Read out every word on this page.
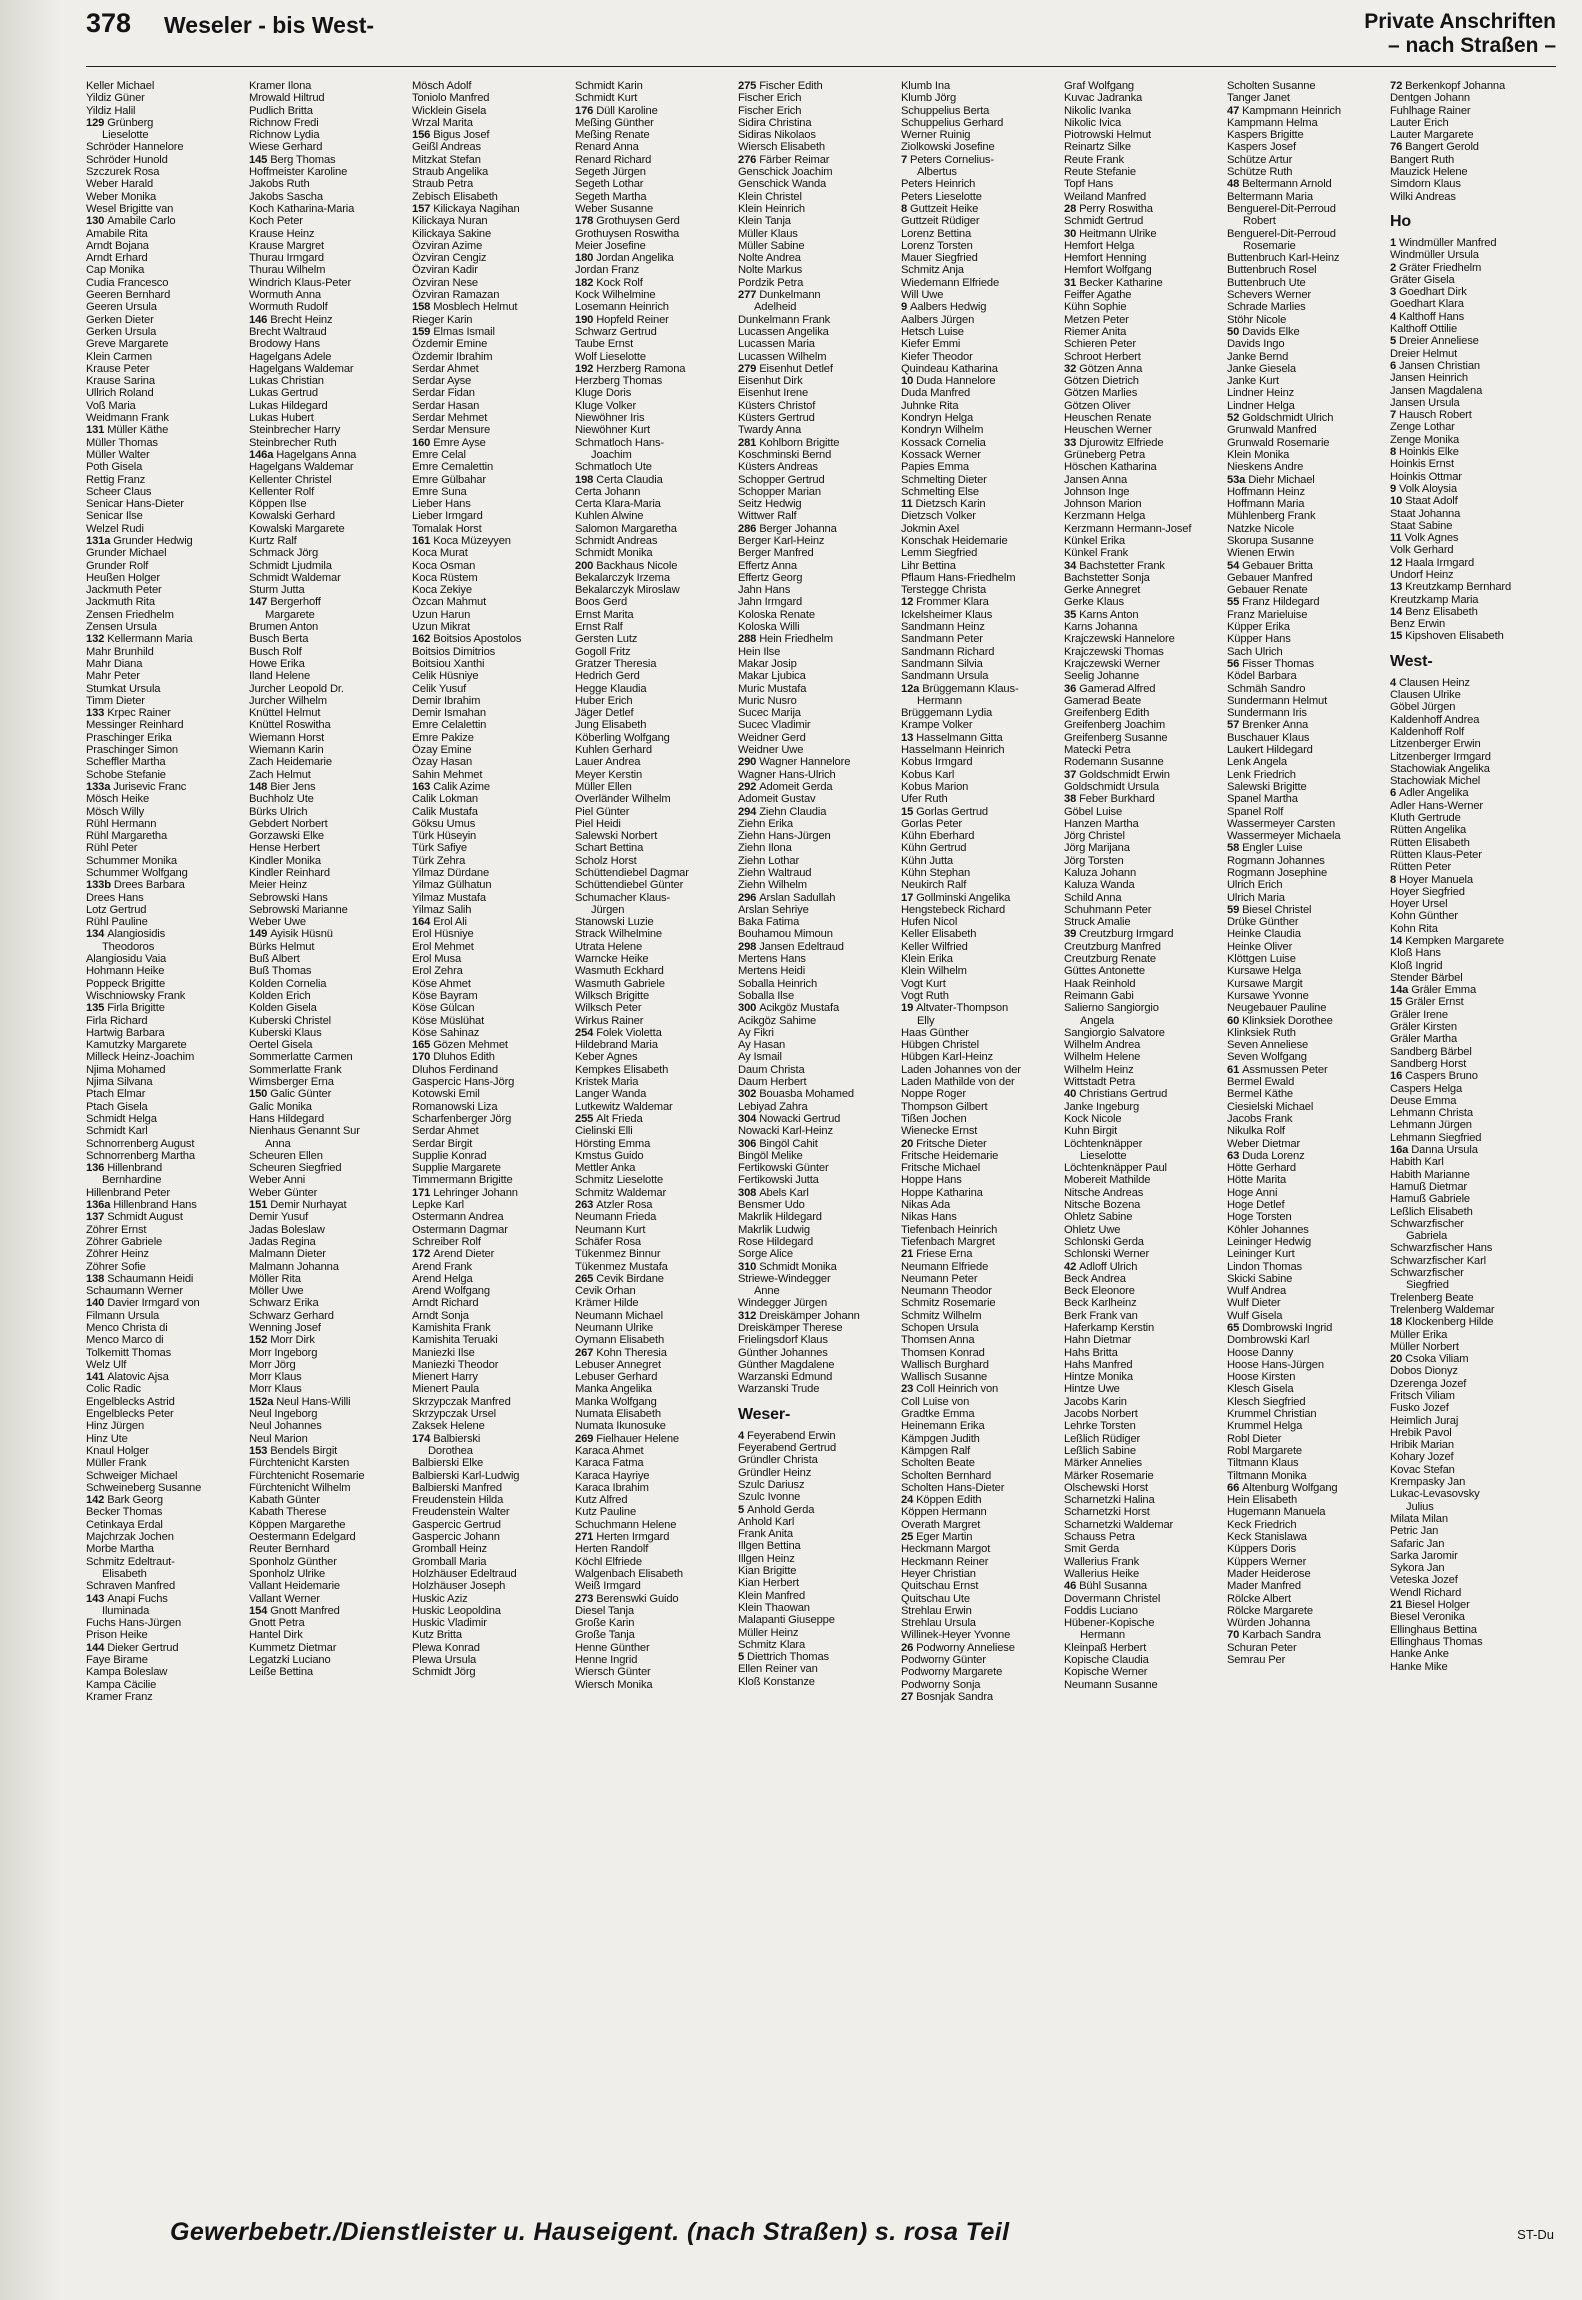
378 Weseler - bis West-	Private Anschriften
– nach Straßen –
Keller Michael
Yildiz Güner
Yildiz Halil
129 Grünberg
Lieselotte
Schröder Hannelore
Schröder Hunold
Szczurek Rosa
Weber Harald
Weber Monika
Wesel Brigitte van
130 Amabile Carlo
Amabile Rita
Arndt Bojana
Arndt Erhard
Cap Monika
Cudia Francesco
Geeren Bernhard
Geeren Ursula
Gerken Dieter
Gerken Ursula
Greve Margarete
Klein Carmen
Krause Peter
Krause Sarina
Ullrich Roland
Voß Maria
Weidmann Frank
131 Müller Käthe
Müller Thomas
Müller Walter
Poth Gisela
Rettig Franz
Scheer Claus
Senicar Hans-Dieter
Senicar Ilse
Welzel Rudi
131a Grunder Hedwig
Grunder Michael
Grunder Rolf
Heußen Holger
Jackmuth Peter
Jackmuth Rita
Zensen Friedhelm
Zensen Ursula
132 Kellermann Maria
Mahr Brunhild
Mahr Diana
Mahr Peter
Stumkat Ursula
Timm Dieter
133 Krpec Rainer
Messinger Reinhard
Praschinger Erika
Praschinger Simon
Scheffler Martha
Schobe Stefanie
133a Jurisevic Franc
Mösch Heike
Mösch Willy
Rühl Hermann
Rühl Margaretha
Rühl Peter
Schummer Monika
Schummer Wolfgang
133b Drees Barbara
Drees Hans
Lotz Gertrud
Rühl Pauline
134 Alangiosidis
Theodoros
Alangiosidu Vaia
Hohmann Heike
Poppeck Brigitte
Wischniowsky Frank
135 Firla Brigitte
Firla Richard
Hartwig Barbara
Kamutzky Margarete
Milleck Heinz-Joachim
Njima Mohamed
Njima Silvana
Ptach Elmar
Ptach Gisela
Schmidt Helga
Schmidt Karl
Schnorrenberg August
Schnorrenberg Martha
136 Hillenbrand
Bernhardine
Hillenbrand Peter
136a Hillenbrand Hans
137 Schmidt August
Zöhrer Ernst
Zöhrer Gabriele
Zöhrer Heinz
Zöhrer Sofie
138 Schaumann Heidi
Schaumann Werner
140 Davier Irmgard von
Filmann Ursula
Menco Christa di
Menco Marco di
Tolkemitt Thomas
Welz Ulf
141 Alatovic Ajsa
Colic Radic
Engelblecks Astrid
Engelblecks Peter
Hinz Jürgen
Hinz Ute
Knaul Holger
Müller Frank
Schweiger Michael
Schweineberg Susanne
142 Bark Georg
Becker Thomas
Cetinkaya Erdal
Majchrzak Jochen
Morbe Martha
Schmitz Edeltraut-
Elisabeth
Schraven Manfred
143 Anapi Fuchs
Iluminada
Fuchs Hans-Jürgen
Prison Heike
144 Dieker Gertrud
Faye Birame
Kampa Boleslaw
Kampa Cäcilie
Kramer Franz
Kramer Ilona
Mrowald Hiltrud
Pudlich Britta
Richnow Fredi
Richnow Lydia
Wiese Gerhard
145 Berg Thomas
Hoffmeister Karoline
Jakobs Ruth
Jakobs Sascha
Koch Katharina-Maria
Koch Peter
Krause Heinz
Krause Margret
Thurau Irmgard
Thurau Wilhelm
Windrich Klaus-Peter
Wormuth Anna
Wormuth Rudolf
146 Brecht Heinz
Brecht Waltraud
Brodowy Hans
Hagelgans Adele
Hagelgans Waldemar
Lukas Christian
Lukas Gertrud
Lukas Hildegard
Lukas Hubert
Steinbrecher Harry
Steinbrecher Ruth
146a Hagelgans Anna
Hagelgans Waldemar
Kellenter Christel
Kellenter Rolf
Köppen Ilse
Kowalski Gerhard
Kowalski Margarete
Kurtz Ralf
Schmack Jörg
Schmidt Ljudmila
Schmidt Waldemar
Sturm Jutta
147 Bergerhoff
Margarete
Brumen Anton
Busch Berta
Busch Rolf
Howe Erika
Iland Helene
Jurcher Leopold Dr.
Jurcher Wilhelm
Knüttel Helmut
Knüttel Roswitha
Wiemann Horst
Wiemann Karin
Zach Heidemarie
Zach Helmut
148 Bier Jens
Buchholz Ute
Bürks Ulrich
Gebdert Norbert
Gorzawski Elke
Hense Herbert
Kindler Monika
Kindler Reinhard
Meier Heinz
Sebrowski Hans
Sebrowski Marianne
Weber Uwe
149 Ayisik Hüsnü
Bürks Helmut
Buß Albert
Buß Thomas
Kolden Cornelia
Kolden Erich
Kolden Gisela
Kuberski Christel
Kuberski Klaus
Oertel Gisela
Sommerlatte Carmen
Sommerlatte Frank
Wimsberger Erna
150 Galic Günter
Galic Monika
Hans Hildegard
Nienhaus Genannt Sur
Anna
Scheuren Ellen
Scheuren Siegfried
Weber Anni
Weber Günter
151 Demir Nurhayat
Demir Yusuf
Jadas Boleslaw
Jadas Regina
Malmann Dieter
Malmann Johanna
Möller Rita
Möller Uwe
Schwarz Erika
Schwarz Gerhard
Wenning Josef
152 Morr Dirk
Morr Ingeborg
Morr Jörg
Morr Klaus
Morr Klaus
152a Neul Hans-Willi
Neul Ingeborg
Neul Johannes
Neul Marion
153 Bendels Birgit
Fürchtenicht Karsten
Fürchtenicht Rosemarie
Fürchtenicht Wilhelm
Kabath Günter
Kabath Therese
Köppen Margarethe
Oestermann Edelgard
Reuter Bernhard
Sponholz Günther
Sponholz Ulrike
Vallant Heidemarie
Vallant Werner
154 Gnott Manfred
Gnott Petra
Hantel Dirk
Kummetz Dietmar
Legatzki Luciano
Leiße Bettina
Mösch Adolf
Toniolo Manfred
Wicklein Gisela
Wrzal Marita
156 Bigus Josef
Geißl Andreas
Mitzkat Stefan
Straub Angelika
Straub Petra
Zebisch Elisabeth
157 Kilickaya Nagihan
Kilickaya Nuran
Kilickaya Sakine
Özviran Azime
Özviran Cengiz
Özviran Kadir
Özviran Nese
Özviran Ramazan
158 Mosblech Helmut
Rieger Karin
159 Elmas Ismail
Özdemir Emine
Özdemir Ibrahim
Serdar Ahmet
Serdar Ayse
Serdar Fidan
Serdar Hasan
Serdar Mehmet
Serdar Mensure
160 Emre Ayse
Emre Celal
Emre Cemalettin
Emre Gülbahar
Emre Suna
Lieber Hans
Lieber Irmgard
Tomalak Horst
161 Koca Müzeyyen
Koca Murat
Koca Osman
Koca Rüstem
Koca Zekiye
Özcan Mahmut
Uzun Harun
Uzun Mikrat
162 Boitsios Apostolos
Boitsios Dimitrios
Boitsiou Xanthi
Celik Hüsniye
Celik Yusuf
Demir Ibrahim
Demir Ismahan
Emre Celalettin
Emre Pakize
Özay Emine
Özay Hasan
Sahin Mehmet
163 Calik Azime
Calik Lokman
Calik Mustafa
Göksu Umus
Türk Hüseyin
Türk Safiye
Türk Zehra
Yilmaz Dürdane
Yilmaz Gülhatun
Yilmaz Mustafa
Yilmaz Salih
164 Erol Ali
Erol Hüsniye
Erol Mehmet
Erol Musa
Erol Zehra
Köse Ahmet
Köse Bayram
Köse Gülcan
Köse Müslühat
Köse Sahinaz
165 Gözen Mehmet
170 Dluhos Edith
Dluhos Ferdinand
Gaspercic Hans-Jörg
Kotowski Emil
Romanowski Liza
Scharfenberger Jörg
Serdar Ahmet
Serdar Birgit
Supplie Konrad
Supplie Margarete
Timmermann Brigitte
171 Lehringer Johann
Lepke Karl
Ostermann Andrea
Ostermann Dagmar
Schreiber Rolf
172 Arend Dieter
Arend Frank
Arend Helga
Arend Wolfgang
Arndt Richard
Arndt Sonja
Kamishita Frank
Kamishita Teruaki
Maniezki Ilse
Maniezki Theodor
Mienert Harry
Mienert Paula
Skrzypczak Manfred
Skrzypczak Ursel
Zaksek Helene
174 Balbierski
Dorothea
Balbierski Elke
Balbierski Karl-Ludwig
Balbierski Manfred
Freudenstein Hilda
Freudenstein Walter
Gaspercic Gertrud
Gaspercic Johann
Gromball Heinz
Gromball Maria
Holzhäuser Edeltraud
Holzhäuser Joseph
Huskic Aziz
Huskic Leopoldina
Huskic Vladimir
Kutz Britta
Plewa Konrad
Plewa Ursula
Schmidt Jörg
Schmidt Karin
Schmidt Kurt
176 Düll Karoline
Meßing Günther
Meßing Renate
Renard Anna
Renard Richard
Segeth Jürgen
Segeth Lothar
Segeth Martha
Weber Susanne
178 Grothuysen Gerd
Grothuysen Roswitha
Meier Josefine
180 Jordan Angelika
Jordan Franz
182 Kock Rolf
Kock Wilhelmine
Losemann Heinrich
190 Hopfeld Reiner
Schwarz Gertrud
Taube Ernst
Wolf Lieselotte
192 Herzberg Ramona
Herzberg Thomas
Kluge Doris
Kluge Volker
Niewöhner Iris
Niewöhner Kurt
Schmatloch Hans-
Joachim
Schmatloch Ute
198 Certa Claudia
Certa Johann
Certa Klara-Maria
Kuhlen Alwine
Salomon Margaretha
Schmidt Andreas
Schmidt Monika
200 Backhaus Nicole
Bekalarczyk Irzema
Bekalarczyk Miroslaw
Boos Gerd
Ernst Marita
Ernst Ralf
Gersten Lutz
Gogoll Fritz
Gratzer Theresia
Hedrich Gerd
Hegge Klaudia
Huber Erich
Jäger Detlef
Jung Elisabeth
Köberling Wolfgang
Kuhlen Gerhard
Lauer Andrea
Meyer Kerstin
Müller Ellen
Overländer Wilhelm
Piel Günter
Piel Heidi
Salewski Norbert
Schart Bettina
Scholz Horst
Schüttendiebel Dagmar
Schüttendiebel Günter
Schumacher Klaus-
Jürgen
Stanowski Luzie
Strack Wilhelmine
Utrata Helene
Warncke Heike
Wasmuth Eckhard
Wasmuth Gabriele
Wilksch Brigitte
Wilksch Peter
Wirkus Rainer
254 Folek Violetta
Hildebrand Maria
Keber Agnes
Kempkes Elisabeth
Kristek Maria
Langer Wanda
Lutkewitz Waldemar
255 Alt Frieda
Cielinski Elli
Hörsting Emma
Kmstus Guido
Mettler Anka
Schmitz Lieselotte
Schmitz Waldemar
263 Atzler Rosa
Neumann Frieda
Neumann Kurt
Schäfer Rosa
Tükenmez Binnur
Tükenmez Mustafa
265 Cevik Birdane
Cevik Orhan
Krämer Hilde
Neumann Michael
Neumann Ulrike
Oymann Elisabeth
267 Kohn Theresia
Lebuser Annegret
Lebuser Gerhard
Manka Angelika
Manka Wolfgang
Numata Elisabeth
Numata Ikunosuke
269 Fielhauer Helene
Karaca Ahmet
Karaca Fatma
Karaca Hayriye
Karaca Ibrahim
Kutz Alfred
Kutz Pauline
Schuchmann Helene
271 Herten Irmgard
Herten Randolf
Köchl Elfriede
Walgenbach Elisabeth
Weiß Irmgard
273 Berenswki Guido
Diesel Tanja
Große Karin
Große Tanja
Henne Günther
Henne Ingrid
Wiersch Günter
Wiersch Monika
275 Fischer Edith
Fischer Erich
Fischer Erich
Sidira Christina
Sidiras Nikolaos
Wiersch Elisabeth
276 Färber Reimar
Genschick Joachim
Genschick Wanda
Klein Christel
Klein Heinrich
Klein Tanja
Müller Klaus
Müller Sabine
Nolte Andrea
Nolte Markus
Pordzik Petra
277 Dunkelmann
Adelheid
Dunkelmann Frank
Lucassen Angelika
Lucassen Maria
Lucassen Wilhelm
279 Eisenhut Detlef
Eisenhut Dirk
Eisenhut Irene
Küsters Christof
Küsters Gertrud
Twardy Anna
281 Kohlborn Brigitte
Koschminski Bernd
Küsters Andreas
Schopper Gertrud
Schopper Marian
Seitz Hedwig
Wittwer Ralf
286 Berger Johanna
Berger Karl-Heinz
Berger Manfred
Effertz Anna
Effertz Georg
Jahn Hans
Jahn Irmgard
Koloska Renate
Koloska Willi
288 Hein Friedhelm
Hein Ilse
Makar Josip
Makar Ljubica
Muric Mustafa
Muric Nusro
Sucec Marija
Sucec Vladimir
Weidner Gerd
Weidner Uwe
290 Wagner Hannelore
Wagner Hans-Ulrich
292 Adomeit Gerda
Adomeit Gustav
294 Ziehn Claudia
Ziehn Erika
Ziehn Hans-Jürgen
Ziehn Ilona
Ziehn Lothar
Ziehn Waltraud
Ziehn Wilhelm
296 Arslan Sadullah
Arslan Sehriye
Baka Fatima
Bouhamou Mimoun
298 Jansen Edeltraud
Mertens Hans
Mertens Heidi
Soballa Heinrich
Soballa Ilse
300 Acikgöz Mustafa
Acikgöz Sahime
Ay Fikri
Ay Hasan
Ay Ismail
Daum Christa
Daum Herbert
302 Bouasba Mohamed
Lebiyad Zahra
304 Nowacki Gertrud
Nowacki Karl-Heinz
306 Bingöl Cahit
Bingöl Melike
Fertikowski Günter
Fertikowski Jutta
308 Abels Karl
Bensmer Udo
Makrlik Hildegard
Makrlik Ludwig
Rose Hildegard
Sorge Alice
310 Schmidt Monika
Striewe-Windegger
Anne
Windegger Jürgen
312 Dreiskämper Johann
Dreiskämper Therese
Frielingsdorf Klaus
Günther Johannes
Günther Magdalene
Warzanski Edmund
Warzanski Trude
Weser-
4 Feyerabend Erwin
Feyerabend Gertrud
Gründler Christa
Gründler Heinz
Szulc Dariusz
Szulc Ivonne
5 Anhold Gerda
Anhold Karl
Frank Anita
Illgen Bettina
Illgen Heinz
Kian Brigitte
Kian Herbert
Klein Manfred
Klein Thaowan
Malapanti Giuseppe
Müller Heinz
Schmitz Klara
5 Diettrich Thomas
Ellen Reiner van
Kloß Konstanze
Klumb Ina
Klumb Jörg
Schuppelius Berta
Schuppelius Gerhard
Werner Ruinig
Ziolkowski Josefine
7 Peters Cornelius-
Albertus
Peters Heinrich
Peters Lieselotte
8 Guttzeit Heike
Guttzeit Rüdiger
Lorenz Bettina
Lorenz Torsten
Mauer Siegfried
Schmitz Anja
Wiedemann Elfriede
Will Uwe
9 Aalbers Hedwig
Aalbers Jürgen
Hetsch Luise
Kiefer Emmi
Kiefer Theodor
Quindeau Katharina
10 Duda Hannelore
Duda Manfred
Juhnke Rita
Kondryn Helga
Kondryn Wilhelm
Kossack Cornelia
Kossack Werner
Papies Emma
Schmelting Dieter
Schmelting Else
11 Dietzsch Karin
Dietzsch Volker
Jokmin Axel
Konschak Heidemarie
Lemm Siegfried
Lihr Bettina
Pflaum Hans-Friedhelm
Terstegge Christa
12 Frommer Klara
Ickelsheimer Klaus
Sandmann Heinz
Sandmann Peter
Sandmann Richard
Sandmann Silvia
Sandmann Ursula
12a Brüggemann Klaus-
Hermann
Brüggemann Lydia
Krampe Volker
13 Hasselmann Gitta
Hasselmann Heinrich
Kobus Irmgard
Kobus Karl
Kobus Marion
Ufer Ruth
15 Gorlas Gertrud
Gorlas Peter
Kühn Eberhard
Kühn Gertrud
Kühn Jutta
Kühn Stephan
Neukirch Ralf
17 Gollminski Angelika
Hengstebeck Richard
Hufen Nicol
Keller Elisabeth
Keller Wilfried
Klein Erika
Klein Wilhelm
Vogt Kurt
Vogt Ruth
19 Altvater-Thompson
Elly
Haas Günther
Hübgen Christel
Hübgen Karl-Heinz
Laden Johannes von der
Laden Mathilde von der
Noppe Roger
Thompson Gilbert
Tißen Jochen
Wienecke Ernst
20 Fritsche Dieter
Fritsche Heidemarie
Fritsche Michael
Hoppe Hans
Hoppe Katharina
Nikas Ada
Nikas Hans
Tiefenbach Heinrich
Tiefenbach Margret
21 Friese Erna
Neumann Elfriede
Neumann Peter
Neumann Theodor
Schmitz Rosemarie
Schmitz Wilhelm
Schopen Ursula
Thomsen Anna
Thomsen Konrad
Wallisch Burghard
Wallisch Susanne
23 Coll Heinrich von
Coll Luise von
Gradtke Emma
Heinemann Erika
Kämpgen Judith
Kämpgen Ralf
Scholten Beate
Scholten Bernhard
Scholten Hans-Dieter
24 Köppen Edith
Köppen Hermann
Overath Margret
25 Eger Martin
Heckmann Margot
Heckmann Reiner
Heyer Christian
Quitschau Ernst
Quitschau Ute
Strehlau Erwin
Strehlau Ursula
Willinek-Heyer Yvonne
26 Podworny Anneliese
Podworny Günter
Podworny Margarete
Podworny Sonja
27 Bosnjak Sandra
Graf Wolfgang
Kuvac Jadranka
Nikolic Ivanka
Nikolic Ivica
Piotrowski Helmut
Reinartz Silke
Reute Frank
Reute Stefanie
Topf Hans
Weiland Manfred
28 Perry Roswitha
Schmidt Gertrud
30 Heitmann Ulrike
Hemfort Helga
Hemfort Henning
Hemfort Wolfgang
31 Becker Katharine
Feiffer Agathe
Kühn Sophie
Metzen Peter
Riemer Anita
Schieren Peter
Schroot Herbert
32 Götzen Anna
Götzen Dietrich
Götzen Marlies
Götzen Oliver
Heuschen Renate
Heuschen Werner
33 Djurowitz Elfriede
Grüneberg Petra
Höschen Katharina
Jansen Anna
Johnson Inge
Johnson Marion
Kerzmann Helga
Kerzmann Hermann-Josef
Künkel Erika
Künkel Frank
34 Bachstetter Frank
Bachstetter Sonja
Gerke Annegret
Gerke Klaus
35 Karns Anton
Karns Johanna
Krajczewski Hannelore
Krajczewski Thomas
Krajczewski Werner
Seelig Johanne
36 Gamerad Alfred
Gamerad Beate
Greifenberg Edith
Greifenberg Joachim
Greifenberg Susanne
Matecki Petra
Rodemann Susanne
37 Goldschmidt Erwin
Goldschmidt Ursula
38 Feber Burkhard
Göbel Luise
Hanzen Martha
Jörg Christel
Jörg Marijana
Jörg Torsten
Kaluza Johann
Kaluza Wanda
Schild Anna
Schuhmann Peter
Struck Amalie
39 Creutzburg Irmgard
Creutzburg Manfred
Creutzburg Renate
Güttes Antonette
Haak Reinhold
Reimann Gabi
Salierno Sangiorgio
Angela
Sangiorgio Salvatore
Wilhelm Andrea
Wilhelm Helene
Wilhelm Heinz
Wittstadt Petra
40 Christians Gertrud
Janke Ingeburg
Kock Nicole
Kuhn Birgit
Löchtenknäpper
Lieselotte
Löchtenknäpper Paul
Mobereit Mathilde
Nitsche Andreas
Nitsche Bozena
Ohletz Sabine
Ohletz Uwe
Schlonski Gerda
Schlonski Werner
42 Adloff Ulrich
Beck Andrea
Beck Eleonore
Beck Karlheinz
Berk Frank van
Haferkamp Kerstin
Hahn Dietmar
Hahs Britta
Hahs Manfred
Hintze Monika
Hintze Uwe
Jacobs Karin
Jacobs Norbert
Lehrke Torsten
Leßlich Rüdiger
Leßlich Sabine
Märker Annelies
Märker Rosemarie
Olschewski Horst
Scharnetzki Halina
Scharnetzki Horst
Scharnetzki Waldemar
Schauss Petra
Smit Gerda
Wallerius Frank
Wallerius Heike
46 Bühl Susanna
Dovermann Christel
Foddis Luciano
Hübener-Kopische
Hermann
Kleinpaß Herbert
Kopische Claudia
Kopische Werner
Neumann Susanne
Scholten Susanne
Tanger Janet
47 Kampmann Heinrich
Kampmann Helma
Kaspers Brigitte
Kaspers Josef
Schütze Artur
Schütze Ruth
48 Beltermann Arnold
Beltermann Maria
Benguerel-Dit-Perroud
Robert
Benguerel-Dit-Perroud
Rosemarie
Buttenbruch Karl-Heinz
Buttenbruch Rosel
Buttenbruch Ute
Schevers Werner
Schrade Marlies
Stöhr Nicole
50 Davids Elke
Davids Ingo
Janke Bernd
Janke Giesela
Janke Kurt
Lindner Heinz
Lindner Helga
52 Goldschmidt Ulrich
Grunwald Manfred
Grunwald Rosemarie
Klein Monika
Nieskens Andre
53a Diehr Michael
Hoffmann Heinz
Hoffmann Maria
Mühlenberg Frank
Natzke Nicole
Skorupa Susanne
Wienen Erwin
54 Gebauer Britta
Gebauer Manfred
Gebauer Renate
55 Franz Hildegard
Franz Marieluise
Küpper Erika
Küpper Hans
Sach Ulrich
56 Fisser Thomas
Ködel Barbara
Schmäh Sandro
Sundermann Helmut
Sundermann Iris
57 Brenker Anna
Buschauer Klaus
Laukert Hildegard
Lenk Angela
Lenk Friedrich
Salewski Brigitte
Spanel Martha
Spanel Rolf
Wassermeyer Carsten
Wassermeyer Michaela
58 Engler Luise
Rogmann Johannes
Rogmann Josephine
Ulrich Erich
Ulrich Maria
59 Biesel Christel
Drüke Günther
Heinke Claudia
Heinke Oliver
Klöttgen Luise
Kursawe Helga
Kursawe Margit
Kursawe Yvonne
Neugebauer Pauline
60 Klinksiek Dorothee
Klinksiek Ruth
Seven Anneliese
Seven Wolfgang
61 Assmussen Peter
Bermel Ewald
Bermel Käthe
Ciesielski Michael
Jacobs Frank
Nikulka Rolf
Weber Dietmar
63 Duda Lorenz
Hötte Gerhard
Hötte Marita
Hoge Anni
Hoge Detlef
Hoge Torsten
Köhler Johannes
Leininger Hedwig
Leininger Kurt
Lindon Thomas
Skicki Sabine
Wulf Andrea
Wulf Dieter
Wulf Gisela
65 Dombrowski Ingrid
Dombrowski Karl
Hoose Danny
Hoose Hans-Jürgen
Hoose Kirsten
Klesch Gisela
Klesch Siegfried
Krummel Christian
Krummel Helga
Robl Dieter
Robl Margarete
Tiltmann Klaus
Tiltmann Monika
66 Altenburg Wolfgang
Hein Elisabeth
Hugemann Manuela
Keck Friedrich
Keck Stanislawa
Küppers Doris
Küppers Werner
Mader Heiderose
Mader Manfred
Rölcke Albert
Rölcke Margarete
Würden Johanna
70 Karbach Sandra
Schuran Peter
Semrau Per
72 Berkenkopf Johanna
Dentgen Johann
Fuhlhage Rainer
Lauter Erich
Lauter Margarete
76 Bangert Gerold
Bangert Ruth
Mauzick Helene
Simdorn Klaus
Wilki Andreas
Ho
1 Windmüller Manfred
Windmüller Ursula
2 Gräter Friedhelm
Gräter Gisela
3 Goedhart Dirk
Goedhart Klara
4 Kalthoff Hans
Kalthoff Ottilie
5 Dreier Anneliese
Dreier Helmut
6 Jansen Christian
Jansen Heinrich
Jansen Magdalena
Jansen Ursula
7 Hausch Robert
Zenge Lothar
Zenge Monika
8 Hoinkis Elke
Hoinkis Ernst
Hoinkis Ottmar
9 Volk Aloysia
10 Staat Adolf
Staat Johanna
Staat Sabine
11 Volk Agnes
Volk Gerhard
12 Haala Irmgard
Undorf Heinz
13 Kreutzkamp Bernhard
Kreutzkamp Maria
14 Benz Elisabeth
Benz Erwin
15 Kipshoven Elisabeth
West-
4 Clausen Heinz
Clausen Ulrike
Göbel Jürgen
Kaldenhoff Andrea
Kaldenhoff Rolf
Litzenberger Erwin
Litzenberger Irmgard
Stachowiak Angelika
Stachowiak Michel
6 Adler Angelika
Adler Hans-Werner
Kluth Gertrude
Rütten Angelika
Rütten Elisabeth
Rütten Klaus-Peter
Rütten Peter
8 Hoyer Manuela
Hoyer Siegfried
Hoyer Ursel
Kohn Günther
Kohn Rita
14 Kempken Margarete
Kloß Hans
Kloß Ingrid
Stender Bärbel
14a Gräler Emma
15 Gräler Ernst
Gräler Irene
Gräler Kirsten
Gräler Martha
Sandberg Bärbel
Sandberg Horst
16 Caspers Bruno
Caspers Helga
Deuse Emma
Lehmann Christa
Lehmann Jürgen
Lehmann Siegfried
16a Danna Ursula
Habith Karl
Habith Marianne
Hamuß Dietmar
Hamuß Gabriele
Leßlich Elisabeth
Schwarzfischer
Gabriela
Schwarzfischer Hans
Schwarzfischer Karl
Schwarzfischer
Siegfried
Trelenberg Beate
Trelenberg Waldemar
18 Klockenberg Hilde
Müller Erika
Müller Norbert
20 Csoka Viliam
Dobos Dionyz
Dzerenga Jozef
Fritsch Viliam
Fusko Jozef
Heimlich Juraj
Hrebik Pavol
Hribik Marian
Kohary Jozef
Kovac Stefan
Krempasky Jan
Lukac-Levasovsky
Julius
Milata Milan
Petric Jan
Safaric Jan
Sarka Jaromir
Sykora Jan
Veteska Jozef
Wendl Richard
21 Biesel Holger
Biesel Veronika
Ellinghaus Bettina
Ellinghaus Thomas
Hanke Anke
Hanke Mike
Gewerbebetr./Dienstleister u. Hauseigent. (nach Straßen) s. rosa Teil	ST-Du
